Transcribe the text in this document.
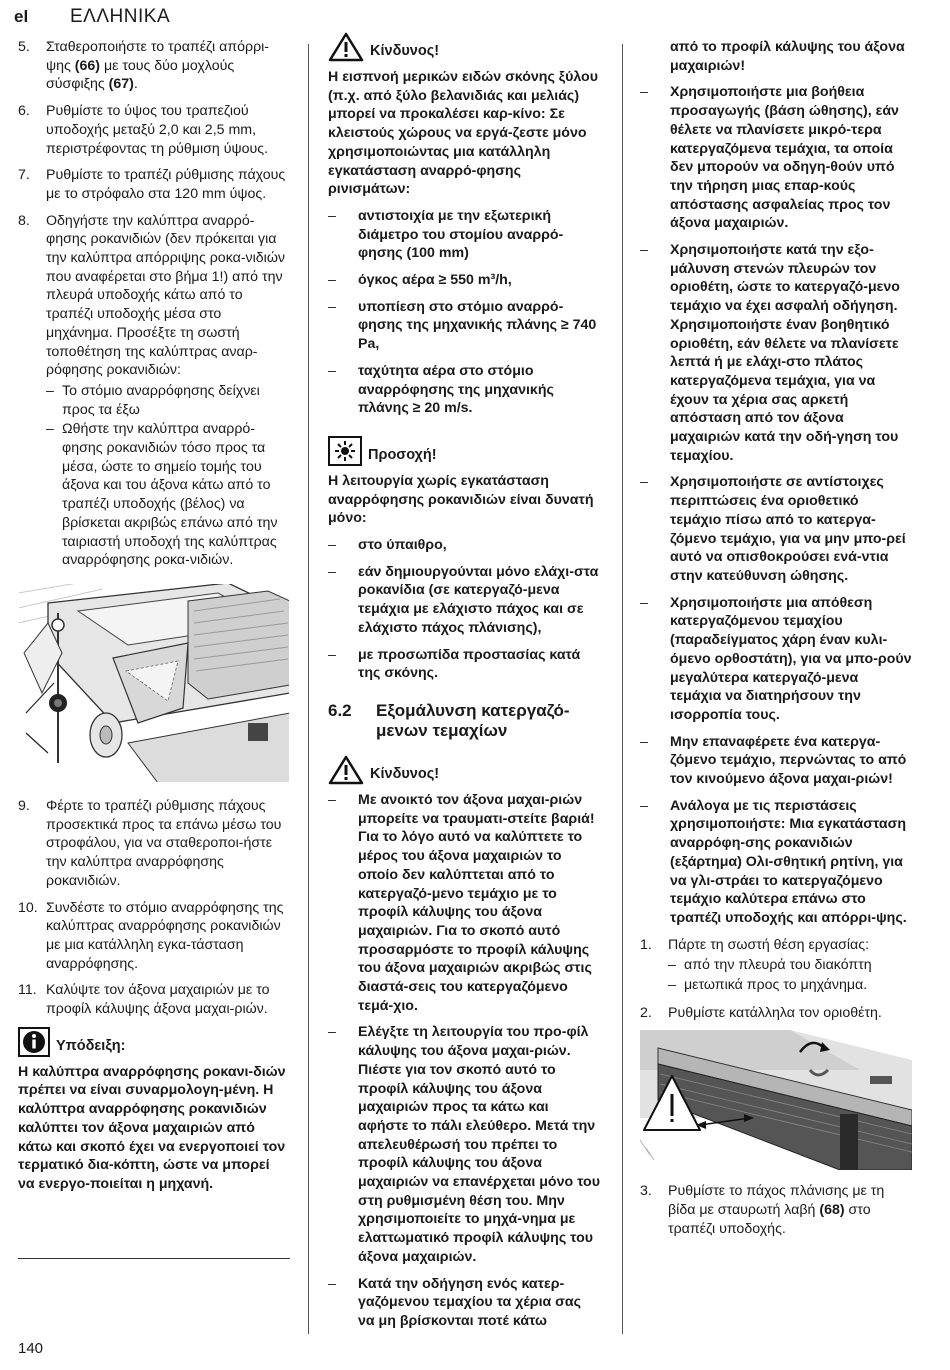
el	ΕΛΛΗΝΙΚΑ
5.	Σταθεροποιήστε το τραπέζι απόρρι-ψης (66) με τους δύο μοχλούς σύσφιξης (67).
6.	Ρυθμίστε το ύψος του τραπεζιού υποδοχής μεταξύ 2,0 και 2,5 mm, περιστρέφοντας τη ρύθμιση ύψους.
7.	Ρυθμίστε το τραπέζι ρύθμισης πάχους με το στρόφαλο στα 120 mm ύψος.
8.	Οδηγήστε την καλύπτρα αναρρό-φησης ροκανιδιών (δεν πρόκειται για την καλύπτρα απόρριψης ροκα-νιδιών που αναφέρεται στο βήμα 1!) από την πλευρά υποδοχής κάτω από το τραπέζι υποδοχής μέσα στο μηχάνημα. Προσέξτε τη σωστή τοποθέτηση της καλύπτρας αναρ-ρόφησης ροκανιδιών:
– Το στόμιο αναρρόφησης δείχνει προς τα έξω
– Ωθήστε την καλύπτρα αναρρό-φησης ροκανιδιών τόσο προς τα μέσα, ώστε το σημείο τομής του άξονα και του άξονα κάτω από το τραπέζι υποδοχής (βέλος) να βρίσκεται ακριβώς επάνω από την ταιριαστή υποδοχή της καλύπτρας αναρρόφησης ροκα-νιδιών.
9.	Φέρτε το τραπέζι ρύθμισης πάχους προσεκτικά προς τα επάνω μέσω του στροφάλου, για να σταθεροποι-ήστε την καλύπτρα αναρρόφησης ροκανιδιών.
10. Συνδέστε το στόμιο αναρρόφησης της καλύπτρας αναρρόφησης ροκανιδιών με μια κατάλληλη εγκα-τάσταση αναρρόφησης.
11. Καλύψτε τον άξονα μαχαιριών με το προφίλ κάλυψης άξονα μαχαι-ριών.
Υπόδειξη:
Η καλύπτρα αναρρόφησης ροκανι-διών πρέπει να είναι συναρμολογη-μένη. Η καλύπτρα αναρρόφησης ροκανιδιών καλύπτει τον άξονα μαχαιριών από κάτω και σκοπό έχει να ενεργοποιεί τον τερματικό δια-κόπτη, ώστε να μπορεί να ενεργο-ποιείται η μηχανή.
Κίνδυνος!
Η εισπνοή μερικών ειδών σκόνης ξύλου (π.χ. από ξύλο βελανιδιάς και μελιάς) μπορεί να προκαλέσει καρ-κίνο: Σε κλειστούς χώρους να εργά-ζεστε μόνο χρησιμοποιώντας μια κατάλληλη εγκατάσταση αναρρό-φησης ρινισμάτων:
–	αντιστοιχία με την εξωτερική διάμετρο του στομίου αναρρό-φησης (100 mm)
–	όγκος αέρα ≥ 550 m³/h,
–	υποπίεση στο στόμιο αναρρό-φησης της μηχανικής πλάνης ≥ 740 Pa,
–	ταχύτητα αέρα στο στόμιο αναρρόφησης της μηχανικής πλάνης ≥ 20 m/s.
Προσοχή!
Η λειτουργία χωρίς εγκατάσταση αναρρόφησης ροκανιδιών είναι δυνατή μόνο:
–	στο ύπαιθρο,
–	εάν δημιουργούνται μόνο ελάχι-στα ροκανίδια (σε κατεργαζό-μενα τεμάχια με ελάχιστο πάχος και σε ελάχιστο πάχος πλάνισης),
–	με προσωπίδα προστασίας κατά της σκόνης.
6.2	Εξομάλυνση κατεργαζό-μενων τεμαχίων
Κίνδυνος!
–	Με ανοικτό τον άξονα μαχαι-ριών μπορείτε να τραυματι-στείτε βαριά! Για το λόγο αυτό να καλύπτετε το μέρος του άξονα μαχαιριών το οποίο δεν καλύπτεται από το κατεργαζό-μενο τεμάχιο με το προφίλ κάλυψης του άξονα μαχαιριών. Για το σκοπό αυτό προσαρμόστε το προφίλ κάλυψης του άξονα μαχαιριών ακριβώς στις διαστά-σεις του κατεργαζόμενο τεμά-χιο.
–	Ελέγξτε τη λειτουργία του προ-φίλ κάλυψης του άξονα μαχαι-ριών. Πιέστε για τον σκοπό αυτό το προφίλ κάλυψης του άξονα μαχαιριών προς τα κάτω και αφήστε το πάλι ελεύθερο. Μετά την απελευθέρωσή του πρέπει το προφίλ κάλυψης του άξονα μαχαιριών να επανέρχεται μόνο του στη ρυθμισμένη θέση του. Μην χρησιμοποιείτε το μηχά-νημα με ελαττωματικό προφίλ κάλυψης του άξονα μαχαιριών.
–	Κατά την οδήγηση ενός κατερ-γαζόμενου τεμαχίου τα χέρια σας να μη βρίσκονται ποτέ κάτω
από το προφίλ κάλυψης του άξονα μαχαιριών!
–	Χρησιμοποιήστε μια βοήθεια προσαγωγής (βάση ώθησης), εάν θέλετε να πλανίσετε μικρό-τερα κατεργαζόμενα τεμάχια, τα οποία δεν μπορούν να οδηγη-θούν υπό την τήρηση μιας επαρ-κούς απόστασης ασφαλείας προς τον άξονα μαχαιριών.
–	Χρησιμοποιήστε κατά την εξο-μάλυνση στενών πλευρών τον οριοθέτη, ώστε το κατεργαζό-μενο τεμάχιο να έχει ασφαλή οδήγηση. Χρησιμοποιήστε έναν βοηθητικό οριοθέτη, εάν θέλετε να πλανίσετε λεπτά ή με ελάχι-στο πλάτος κατεργαζόμενα τεμάχια, για να έχουν τα χέρια σας αρκετή απόσταση από τον άξονα μαχαιριών κατά την οδή-γηση του τεμαχίου.
–	Χρησιμοποιήστε σε αντίστοιχες περιπτώσεις ένα οριοθετικό τεμάχιο πίσω από το κατεργα-ζόμενο τεμάχιο, για να μην μπο-ρεί αυτό να οπισθοκρούσει ενά-ντια στην κατεύθυνση ώθησης.
–	Χρησιμοποιήστε μια απόθεση κατεργαζόμενου τεμαχίου (παραδείγματος χάρη έναν κυλι-όμενο ορθοστάτη), για να μπο-ρούν μεγαλύτερα κατεργαζό-μενα τεμάχια να διατηρήσουν την ισορροπία τους.
–	Μην επαναφέρετε ένα κατεργα-ζόμενο τεμάχιο, περνώντας το από τον κινούμενο άξονα μαχαι-ριών!
–	Ανάλογα με τις περιστάσεις χρησιμοποιήστε: Μια εγκατάσταση αναρρόφη-σης ροκανιδιών (εξάρτημα) Ολι-σθητική ρητίνη, για να γλι-στράει το κατεργαζόμενο τεμάχιο καλύτερα επάνω στο τραπέζι υποδοχής και απόρρι-ψης.
1.	Πάρτε τη σωστή θέση εργασίας:
– από την πλευρά του διακόπτη
– μετωπικά προς το μηχάνημα.
2.	Ρυθμίστε κατάλληλα τον οριοθέτη.
3.	Ρυθμίστε το πάχος πλάνισης με τη βίδα με σταυρωτή λαβή (68) στο τραπέζι υποδοχής.
140
